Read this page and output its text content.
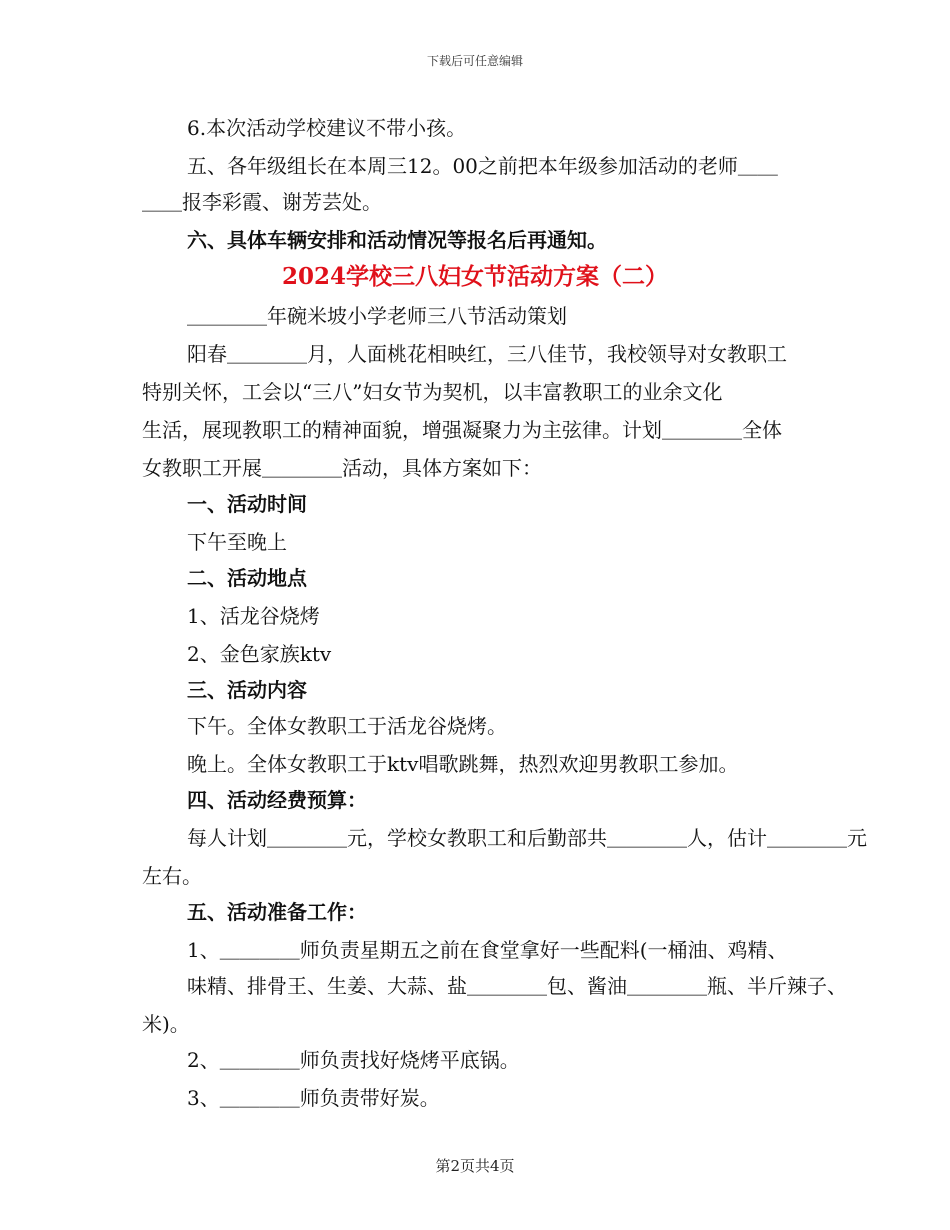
下载后可任意编辑
6.本次活动学校建议不带小孩。
五、各年级组长在本周三12。00之前把本年级参加活动的老师＿＿
＿＿报李彩霞、谢芳芸处。
六、具体车辆安排和活动情况等报名后再通知。
2024学校三八妇女节活动方案（二）
＿＿＿＿年碗米坡小学老师三八节活动策划
阳春＿＿＿＿月，人面桃花相映红，三八佳节，我校领导对女教职工
特别关怀，工会以“三八”妇女节为契机，以丰富教职工的业余文化
生活，展现教职工的精神面貌，增强凝聚力为主弦律。计划＿＿＿＿全体
女教职工开展＿＿＿＿活动，具体方案如下：
一、活动时间
下午至晚上
二、活动地点
1、活龙谷烧烤
2、金色家族ktv
三、活动内容
下午。全体女教职工于活龙谷烧烤。
晚上。全体女教职工于ktv唱歌跳舞，热烈欢迎男教职工参加。
四、活动经费预算：
每人计划＿＿＿＿元，学校女教职工和后勤部共＿＿＿＿人，估计＿＿＿＿元
左右。
五、活动准备工作：
1、＿＿＿＿师负责星期五之前在食堂拿好一些配料(一桶油、鸡精、
味精、排骨王、生姜、大蒜、盐＿＿＿＿包、酱油＿＿＿＿瓶、半斤辣子、
米)。
2、＿＿＿＿师负责找好烧烤平底锅。
3、＿＿＿＿师负责带好炭。
第2页共4页
